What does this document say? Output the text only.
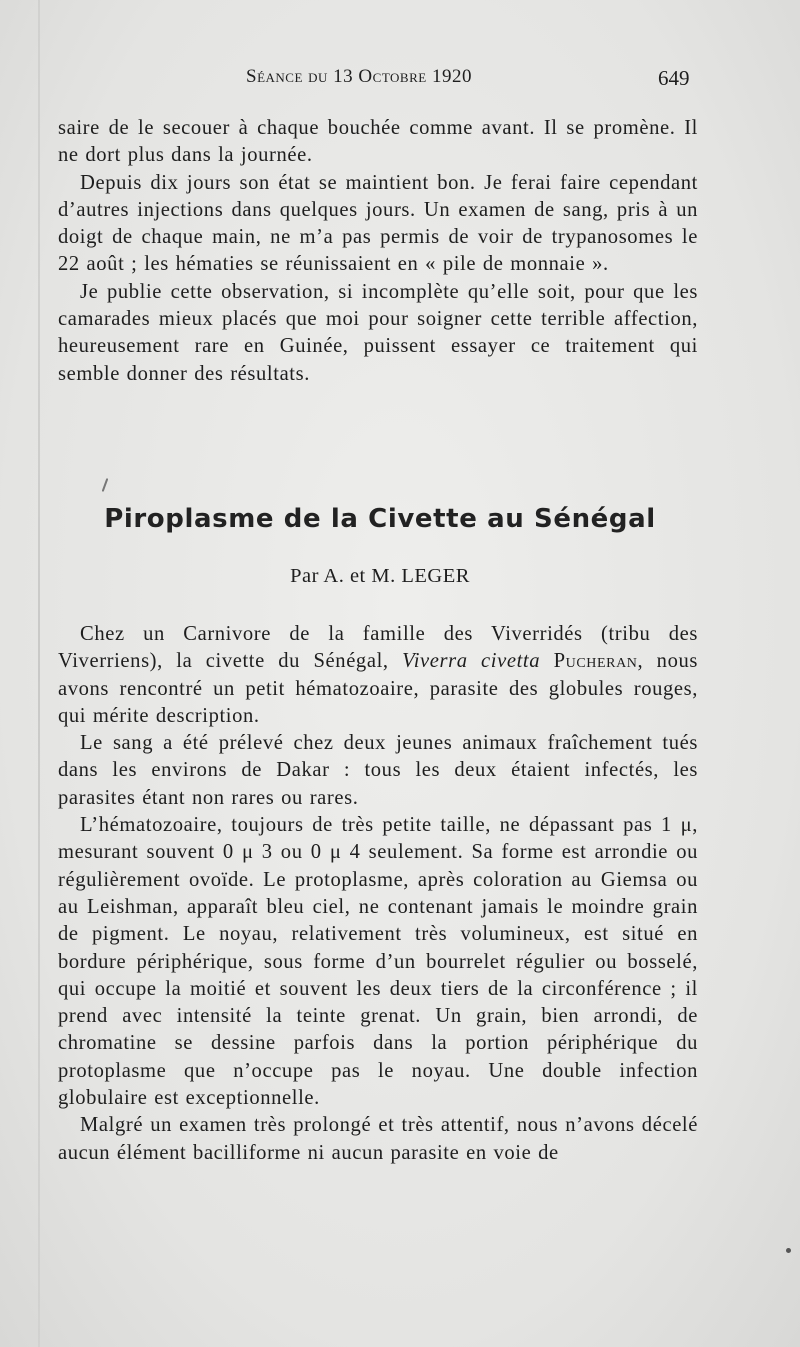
Séance du 13 Octobre 1920	649

saire de le secouer à chaque bouchée comme avant. Il se promène. Il ne dort plus dans la journée.

Depuis dix jours son état se maintient bon. Je ferai faire cependant d’autres injections dans quelques jours. Un examen de sang, pris à un doigt de chaque main, ne m’a pas permis de voir de trypanosomes le 22 août ; les hématies se réunissaient en « pile de monnaie ».

Je publie cette observation, si incomplète qu’elle soit, pour que les camarades mieux placés que moi pour soigner cette terrible affection, heureusement rare en Guinée, puissent essayer ce traitement qui semble donner des résultats.

Piroplasme de la Civette au Sénégal
Par A. et M. LEGER

Chez un Carnivore de la famille des Viverridés (tribu des Viverriens), la civette du Sénégal, Viverra civetta Pucheran, nous avons rencontré un petit hématozoaire, parasite des globules rouges, qui mérite description.

Le sang a été prélevé chez deux jeunes animaux fraîchement tués dans les environs de Dakar : tous les deux étaient infectés, les parasites étant non rares ou rares.

L’hématozoaire, toujours de très petite taille, ne dépassant pas 1 μ, mesurant souvent 0 μ 3 ou 0 μ 4 seulement. Sa forme est arrondie ou régulièrement ovoïde. Le protoplasme, après coloration au Giemsa ou au Leishman, apparaît bleu ciel, ne contenant jamais le moindre grain de pigment. Le noyau, relativement très volumineux, est situé en bordure périphérique, sous forme d’un bourrelet régulier ou bosselé, qui occupe la moitié et souvent les deux tiers de la circonférence ; il prend avec intensité la teinte grenat. Un grain, bien arrondi, de chromatine se dessine parfois dans la portion périphérique du protoplasme que n’occupe pas le noyau. Une double infection globulaire est exceptionnelle.

Malgré un examen très prolongé et très attentif, nous n’avons décelé aucun élément bacilliforme ni aucun parasite en voie de
